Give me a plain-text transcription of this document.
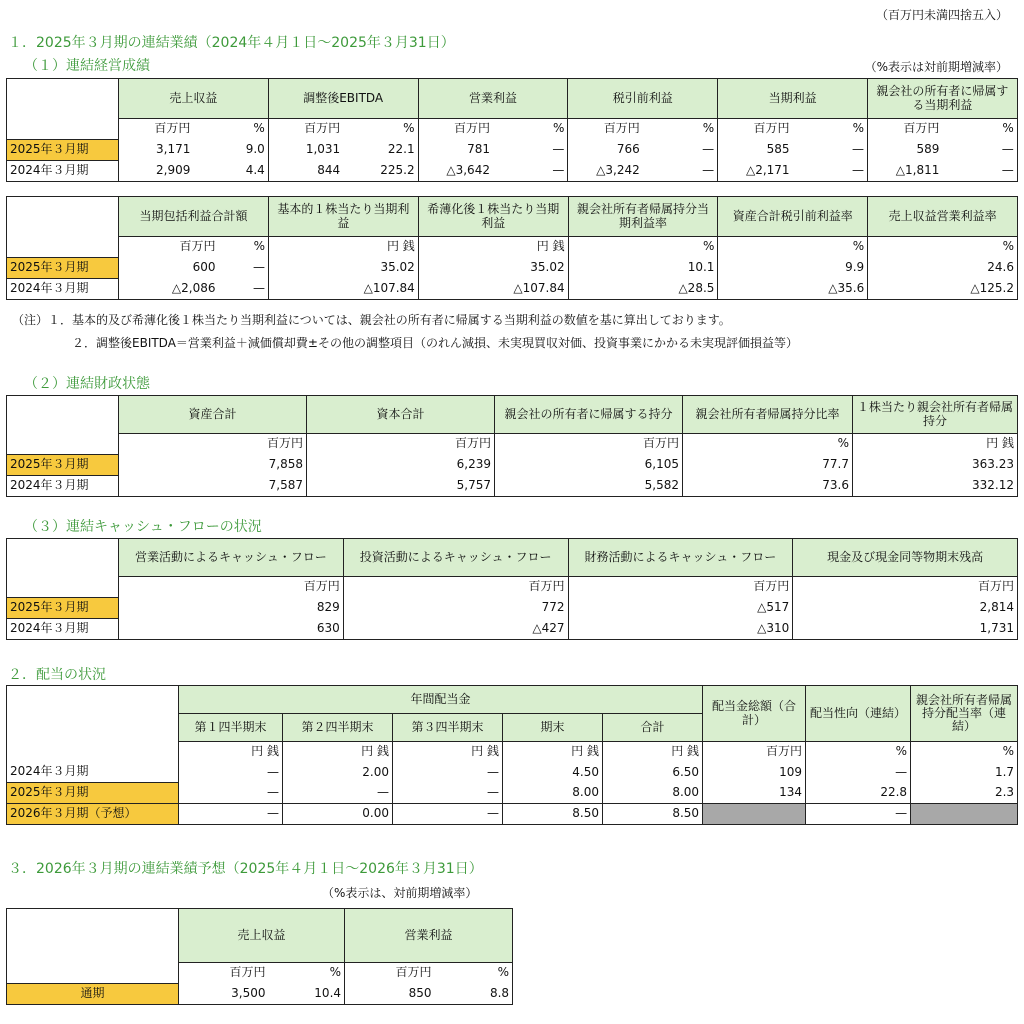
（百万円未満四捨五入）
１．2025年３月期の連結業績（2024年４月１日～2025年３月31日）
（１）連結経営成績	（%表示は対前期増減率）
	売上収益		調整後EBITDA		営業利益		税引前利益		当期利益		親会社の所有者に帰属する当期利益	
	百万円	%	百万円	%	百万円	%	百万円	%	百万円	%	百万円	%
2025年３月期	3,171	9.0	1,031	22.1	781	—	766	—	585	—	589	—
2024年３月期	2,909	4.4	844	225.2	△3,642	—	△3,242	—	△2,171	—	△1,811	—
	当期包括利益合計額		基本的１株当たり当期利益	希薄化後１株当たり当期利益	親会社所有者帰属持分当期利益率	資産合計税引前利益率	売上収益営業利益率
	百万円	%	円 銭	円 銭	%	%	%
2025年３月期	600	—	35.02	35.02	10.1	9.9	24.6
2024年３月期	△2,086	—	△107.84	△107.84	△28.5	△35.6	△125.2
（注）１．基本的及び希薄化後１株当たり当期利益については、親会社の所有者に帰属する当期利益の数値を基に算出しております。
２．調整後EBITDA＝営業利益＋減価償却費±その他の調整項目（のれん減損、未実現買収対価、投資事業にかかる未実現評価損益等）
（２）連結財政状態
	資産合計	資本合計	親会社の所有者に帰属する持分	親会社所有者帰属持分比率	１株当たり親会社所有者帰属持分
	百万円	百万円	百万円	%	円 銭
2025年３月期	7,858	6,239	6,105	77.7	363.23
2024年３月期	7,587	5,757	5,582	73.6	332.12
（３）連結キャッシュ・フローの状況
	営業活動によるキャッシュ・フロー	投資活動によるキャッシュ・フロー	財務活動によるキャッシュ・フロー	現金及び現金同等物期末残高
	百万円	百万円	百万円	百万円
2025年３月期	829	772	△517	2,814
2024年３月期	630	△427	△310	1,731
２．配当の状況
	年間配当金					配当金総額（合計）	配当性向（連結）	親会社所有者帰属持分配当率（連結）
	第１四半期末	第２四半期末	第３四半期末	期末	合計			
	円 銭	円 銭	円 銭	円 銭	円 銭	百万円	%	%
2024年３月期	—	2.00	—	4.50	6.50	109	—	1.7
2025年３月期	—	—	—	8.00	8.00	134	22.8	2.3
2026年３月期（予想）	—	0.00	—	8.50	8.50		—	
３．2026年３月期の連結業績予想（2025年４月１日～2026年３月31日）
（%表示は、対前期増減率）
	売上収益		営業利益	
	百万円	%	百万円	%
通期	3,500	10.4	850	8.8
